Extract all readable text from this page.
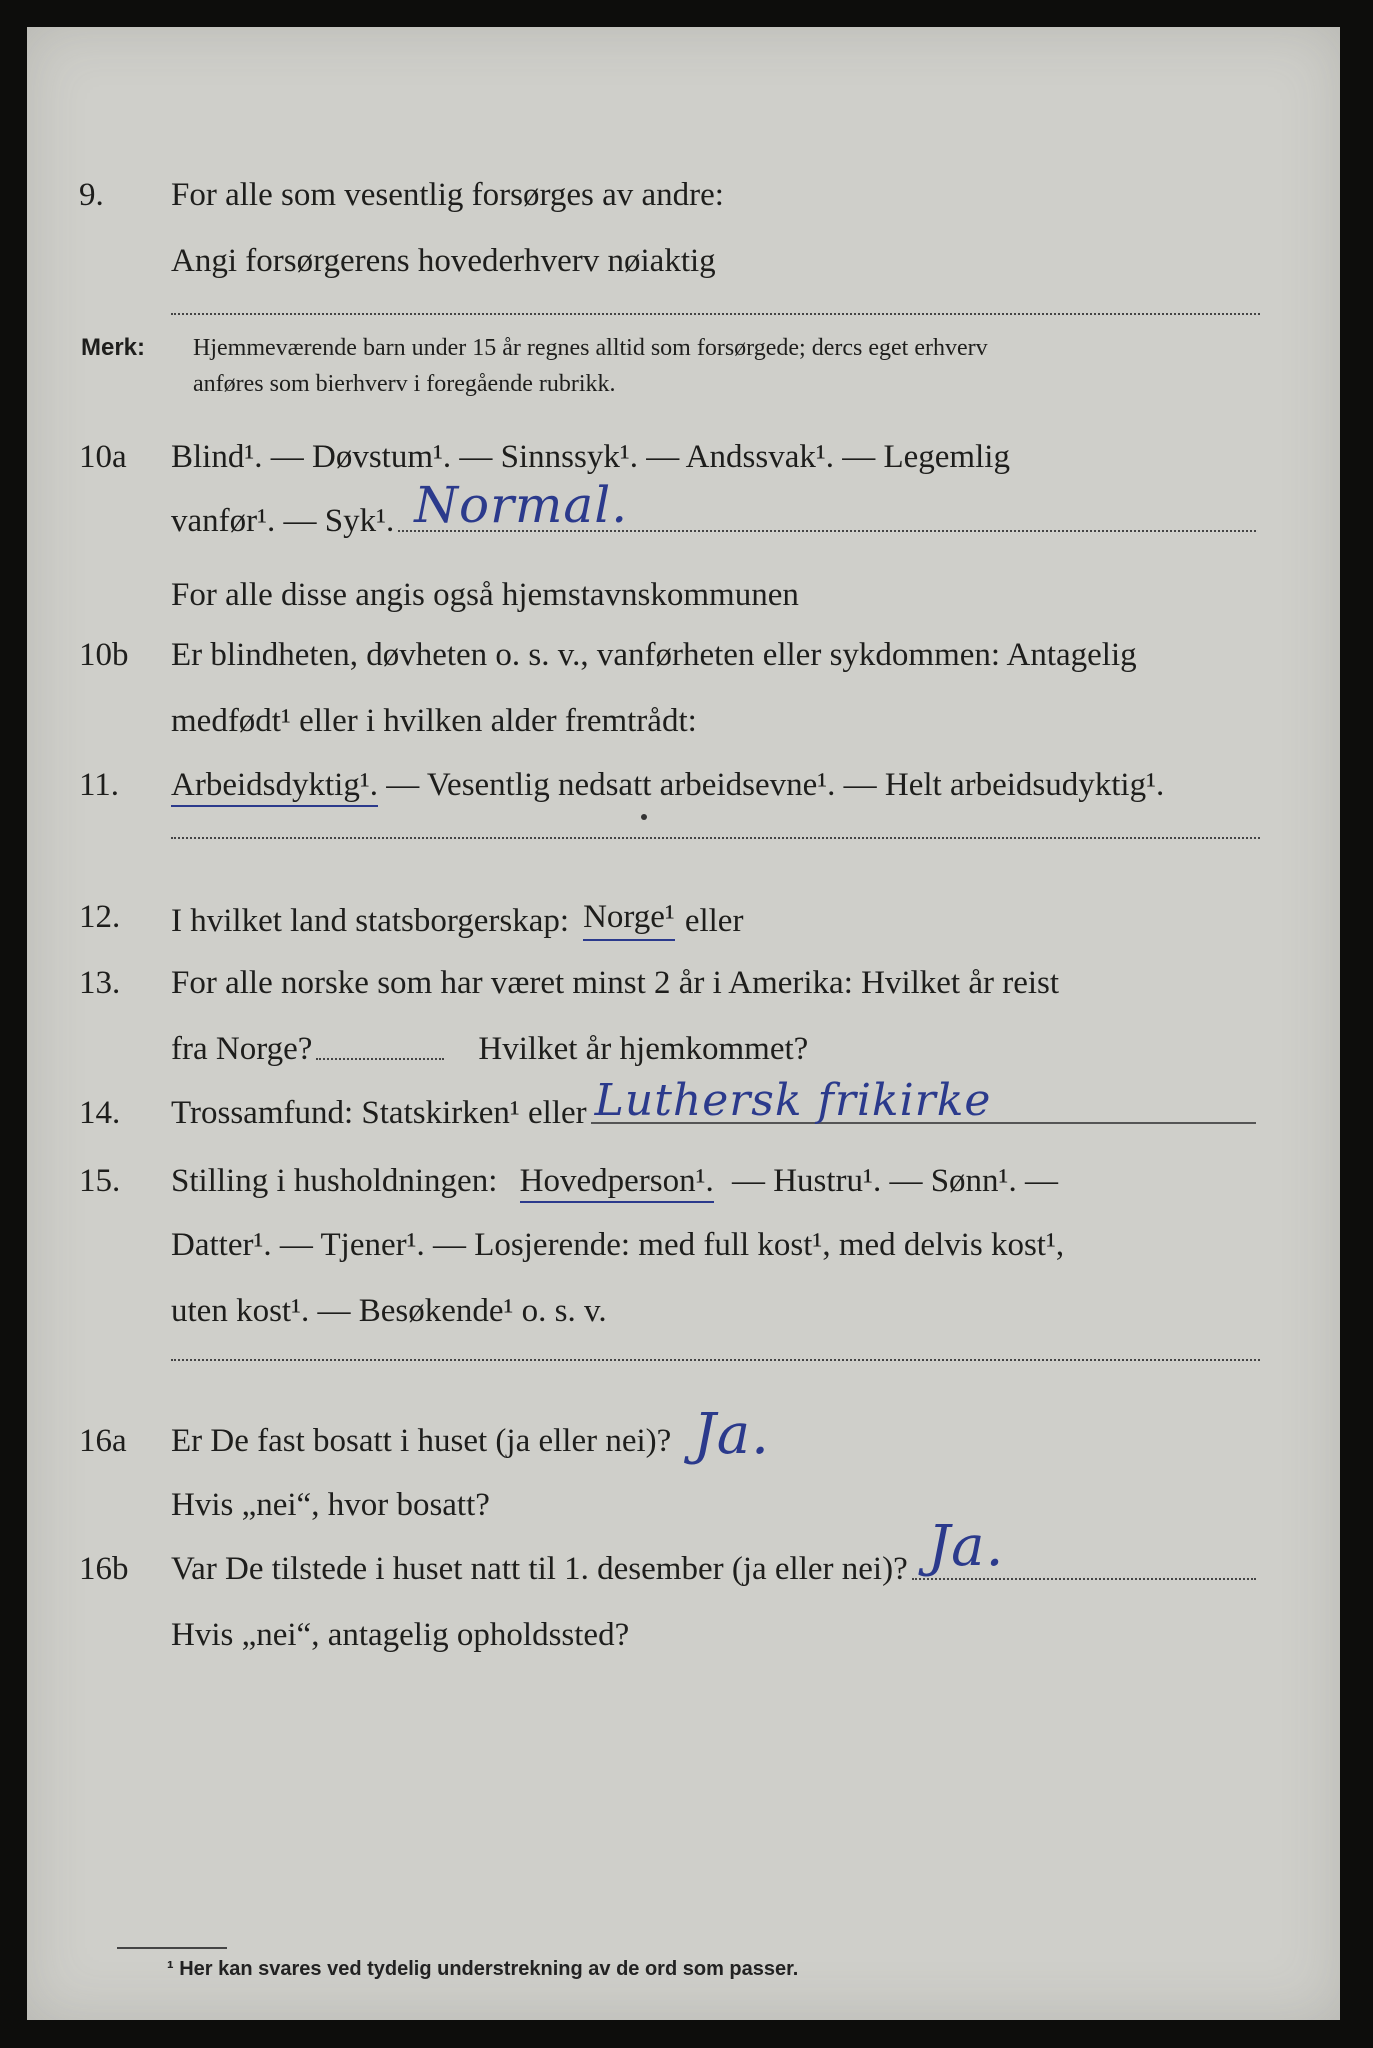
9. For alle som vesentlig forsørges av andre:
Angi forsørgerens hovederhverv nøiaktig
Merk: Hjemmeværende barn under 15 år regnes alltid som forsørgede; dercs eget erhverv
anføres som bierhverv i foregående rubrikk.
10a Blind¹. — Døvstum¹. — Sinnssyk¹. — Andssvak¹. — Legemlig
vanfør¹. — Syk¹. Normal.
For alle disse angis også hjemstavnskommunen
10b Er blindheten, døvheten o. s. v., vanførheten eller sykdommen: Antagelig
medfødt¹ eller i hvilken alder fremtrådt:
11. Arbeidsdyktig¹. — Vesentlig nedsatt arbeidsevne¹. — Helt arbeidsudyktig¹.
12. I hvilket land statsborgerskap: Norge¹ eller
13. For alle norske som har været minst 2 år i Amerika: Hvilket år reist
fra Norge?	Hvilket år hjemkommet?
14. Trossamfund: Statskirken¹ eller Luthersk frikirke
15. Stilling i husholdningen: Hovedperson¹. — Hustru¹. — Sønn¹. —
Datter¹. — Tjener¹. — Losjerende: med full kost¹, med delvis kost¹,
uten kost¹. — Besøkende¹ o. s. v.
16a Er De fast bosatt i huset (ja eller nei)? Ja.
Hvis „nei“, hvor bosatt?
16b Var De tilstede i huset natt til 1. desember (ja eller nei)? Ja.
Hvis „nei“, antagelig opholdssted?
¹ Her kan svares ved tydelig understrekning av de ord som passer.
